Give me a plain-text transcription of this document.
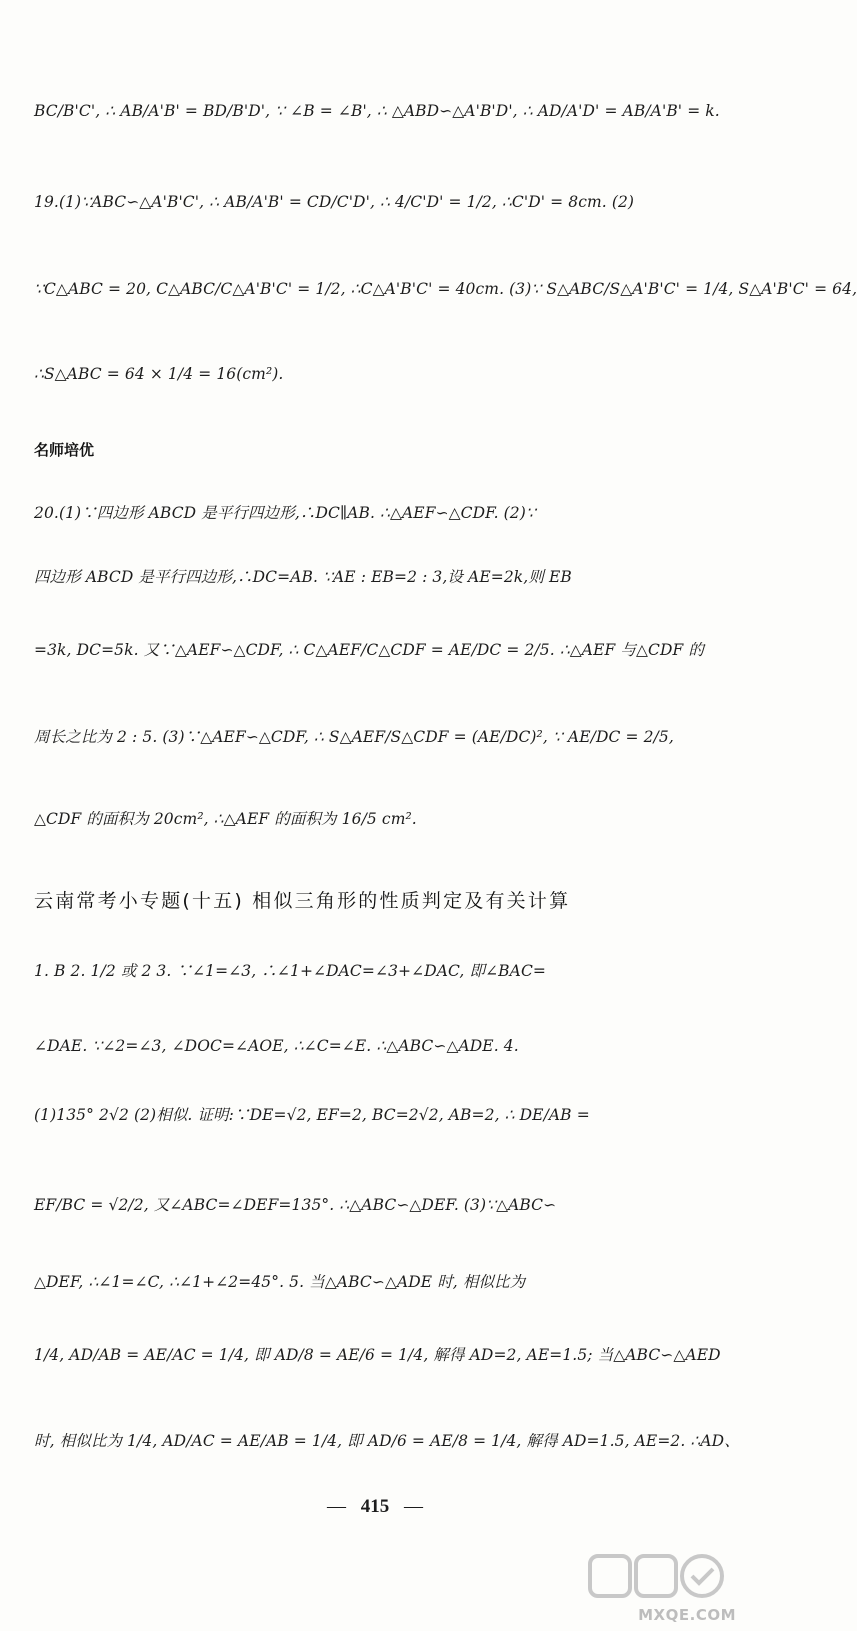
BC/B'C', ∴ AB/A'B' = BD/B'D', ∵ ∠B = ∠B', ∴ △ABD∽△A'B'D', ∴ AD/A'D' = AB/A'B' = k.
19.(1)∵ABC∽△A'B'C', ∴ AB/A'B' = CD/C'D', ∴ 4/C'D' = 1/2, ∴C'D' = 8cm. (2)
∵C△ABC = 20, C△ABC/C△A'B'C' = 1/2, ∴C△A'B'C' = 40cm. (3)∵ S△ABC/S△A'B'C' = 1/4, S△A'B'C' = 64,
∴S△ABC = 64 × 1/4 = 16(cm²).
名师培优
20.(1)∵四边形 ABCD 是平行四边形,∴DC∥AB. ∴△AEF∽△CDF. (2)∵
四边形 ABCD 是平行四边形,∴DC=AB. ∵AE : EB=2 : 3,设 AE=2k,则 EB
=3k, DC=5k. 又∵△AEF∽△CDF, ∴ C△AEF/C△CDF = AE/DC = 2/5. ∴△AEF 与△CDF 的
周长之比为 2 : 5. (3)∵△AEF∽△CDF, ∴ S△AEF/S△CDF = (AE/DC)², ∵ AE/DC = 2/5,
△CDF 的面积为 20cm², ∴△AEF 的面积为 16/5 cm².
云南常考小专题(十五) 相似三角形的性质判定及有关计算
1. B 2. 1/2 或 2 3. ∵∠1=∠3, ∴∠1+∠DAC=∠3+∠DAC, 即∠BAC=
∠DAE. ∵∠2=∠3, ∠DOC=∠AOE, ∴∠C=∠E. ∴△ABC∽△ADE. 4.
(1)135° 2√2 (2)相似. 证明:∵DE=√2, EF=2, BC=2√2, AB=2, ∴ DE/AB =
EF/BC = √2/2, 又∠ABC=∠DEF=135°. ∴△ABC∽△DEF. (3)∵△ABC∽
△DEF, ∴∠1=∠C, ∴∠1+∠2=45°. 5. 当△ABC∽△ADE 时, 相似比为
1/4, AD/AB = AE/AC = 1/4, 即 AD/8 = AE/6 = 1/4, 解得 AD=2, AE=1.5; 当△ABC∽△AED
时, 相似比为 1/4, AD/AC = AE/AB = 1/4, 即 AD/6 = AE/8 = 1/4, 解得 AD=1.5, AE=2. ∴AD、
— 415 —
MXQE.COM
